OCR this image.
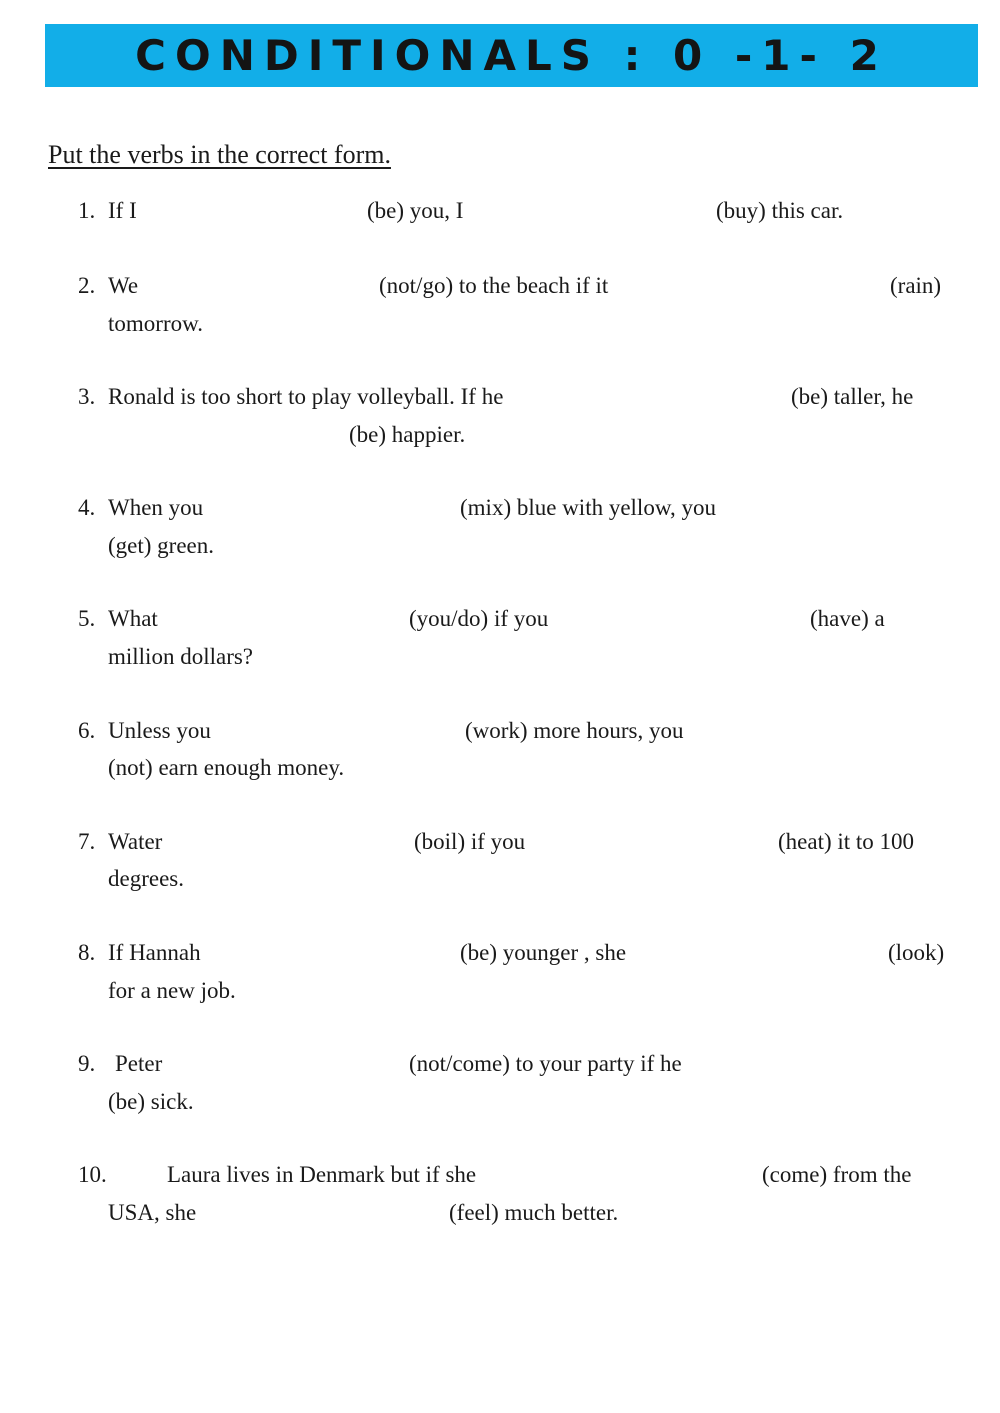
CONDITIONALS : 0 -1- 2
Put the verbs in the correct form.
1. If I	(be) you, I	(buy) this car.
2. We	(not/go) to the beach if it	(rain)
tomorrow.
3. Ronald is too short to play volleyball. If he	(be) taller, he
(be) happier.
4. When you	(mix) blue with yellow, you
(get) green.
5. What	(you/do) if you	(have) a
million dollars?
6. Unless you	(work) more hours, you
(not) earn enough money.
7. Water	(boil) if you	(heat) it to 100
degrees.
8. If Hannah	(be) younger , she	(look)
for a new job.
9. Peter	(not/come) to your party if he
(be) sick.
10.	Laura lives in Denmark but if she	(come) from the
USA, she	(feel) much better.
